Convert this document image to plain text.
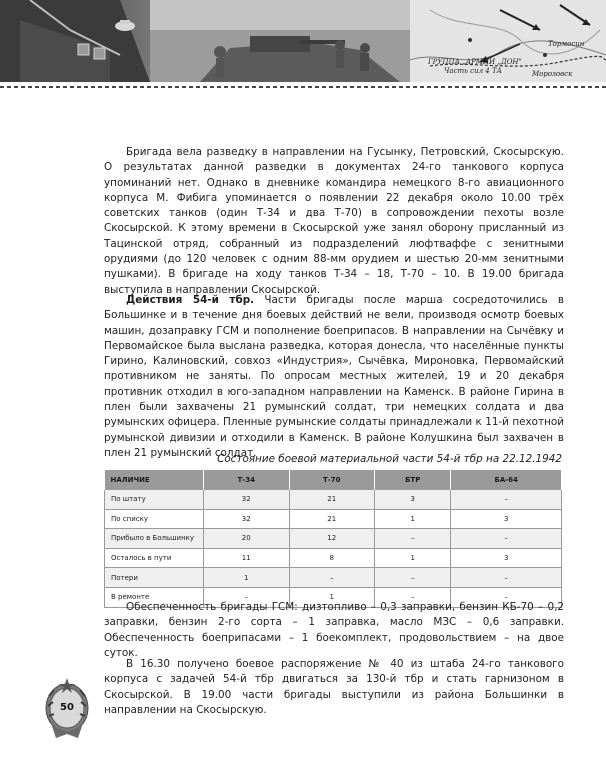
ГРУППА „АРМИИ „ДОН"
Часть сил 4 ТА
Тормосин
Морозовск

Бригада вела разведку в направлении на Гусынку, Петровский, Скосырскую. О результатах данной разведки в документах 24-го танкового корпуса упоминаний нет. Однако в дневнике командира немецкого 8-го авиационного корпуса М. Фибига упоминается о появлении 22 декабря около 10.00 трёх советских танков (один Т-34 и два Т-70) в сопровождении пехоты возле Скосырской. К этому времени в Скосырской уже занял оборону присланный из Тацинской отряд, собранный из подразделений люфтваффе с зенитными орудиями (до 120 человек с одним 88-мм орудием и шестью 20-мм зенитными пушками). В бригаде на ходу танков Т-34 – 18, Т-70 – 10. В 19.00 бригада выступила в направлении Скосырской.

Действия 54-й тбр. Части бригады после марша сосредоточились в Большинке и в течение дня боевых действий не вели, производя осмотр боевых машин, дозаправку ГСМ и пополнение боеприпасов. В направлении на Сычёвку и Первомайское была выслана разведка, которая донесла, что населённые пункты Гирино, Калиновский, совхоз «Индустрия», Сычёвка, Мироновка, Первомайский противником не заняты. По опросам местных жителей, 19 и 20 декабря противник отходил в юго-западном направлении на Каменск. В районе Гирина в плен были захвачены 21 румынский солдат, три немецких солдата и два румынских офицера. Пленные румынские солдаты принадлежали к 11-й пехотной румынской дивизии и отходили в Каменск. В районе Колушкина был захвачен в плен 21 румынский солдат.

Состояние боевой материальной части 54-й тбр на 22.12.1942
НАЛИЧИЕ	Т-34	Т-70	БТР	БА-64
По штату	32	21	3	–
По списку	32	21	1	3
Прибыло в Большинку	20	12	–	–
Осталось в пути	11	8	1	3
Потери	1	–	–	–
В ремонте	–	1	–	–

Обеспеченность бригады ГСМ: дизтопливо – 0,3 заправки, бензин КБ-70 – 0,2 заправки, бензин 2-го сорта – 1 заправка, масло МЗС – 0,6 заправки. Обеспеченность боеприпасами – 1 боекомплект, продовольствием – на двое суток.

В 16.30 получено боевое распоряжение № 40 из штаба 24-го танкового корпуса с задачей 54-й тбр двигаться за 130-й тбр и стать гарнизоном в Скосырской. В 19.00 части бригады выступили из района Большинки в направлении на Скосырскую.

50
